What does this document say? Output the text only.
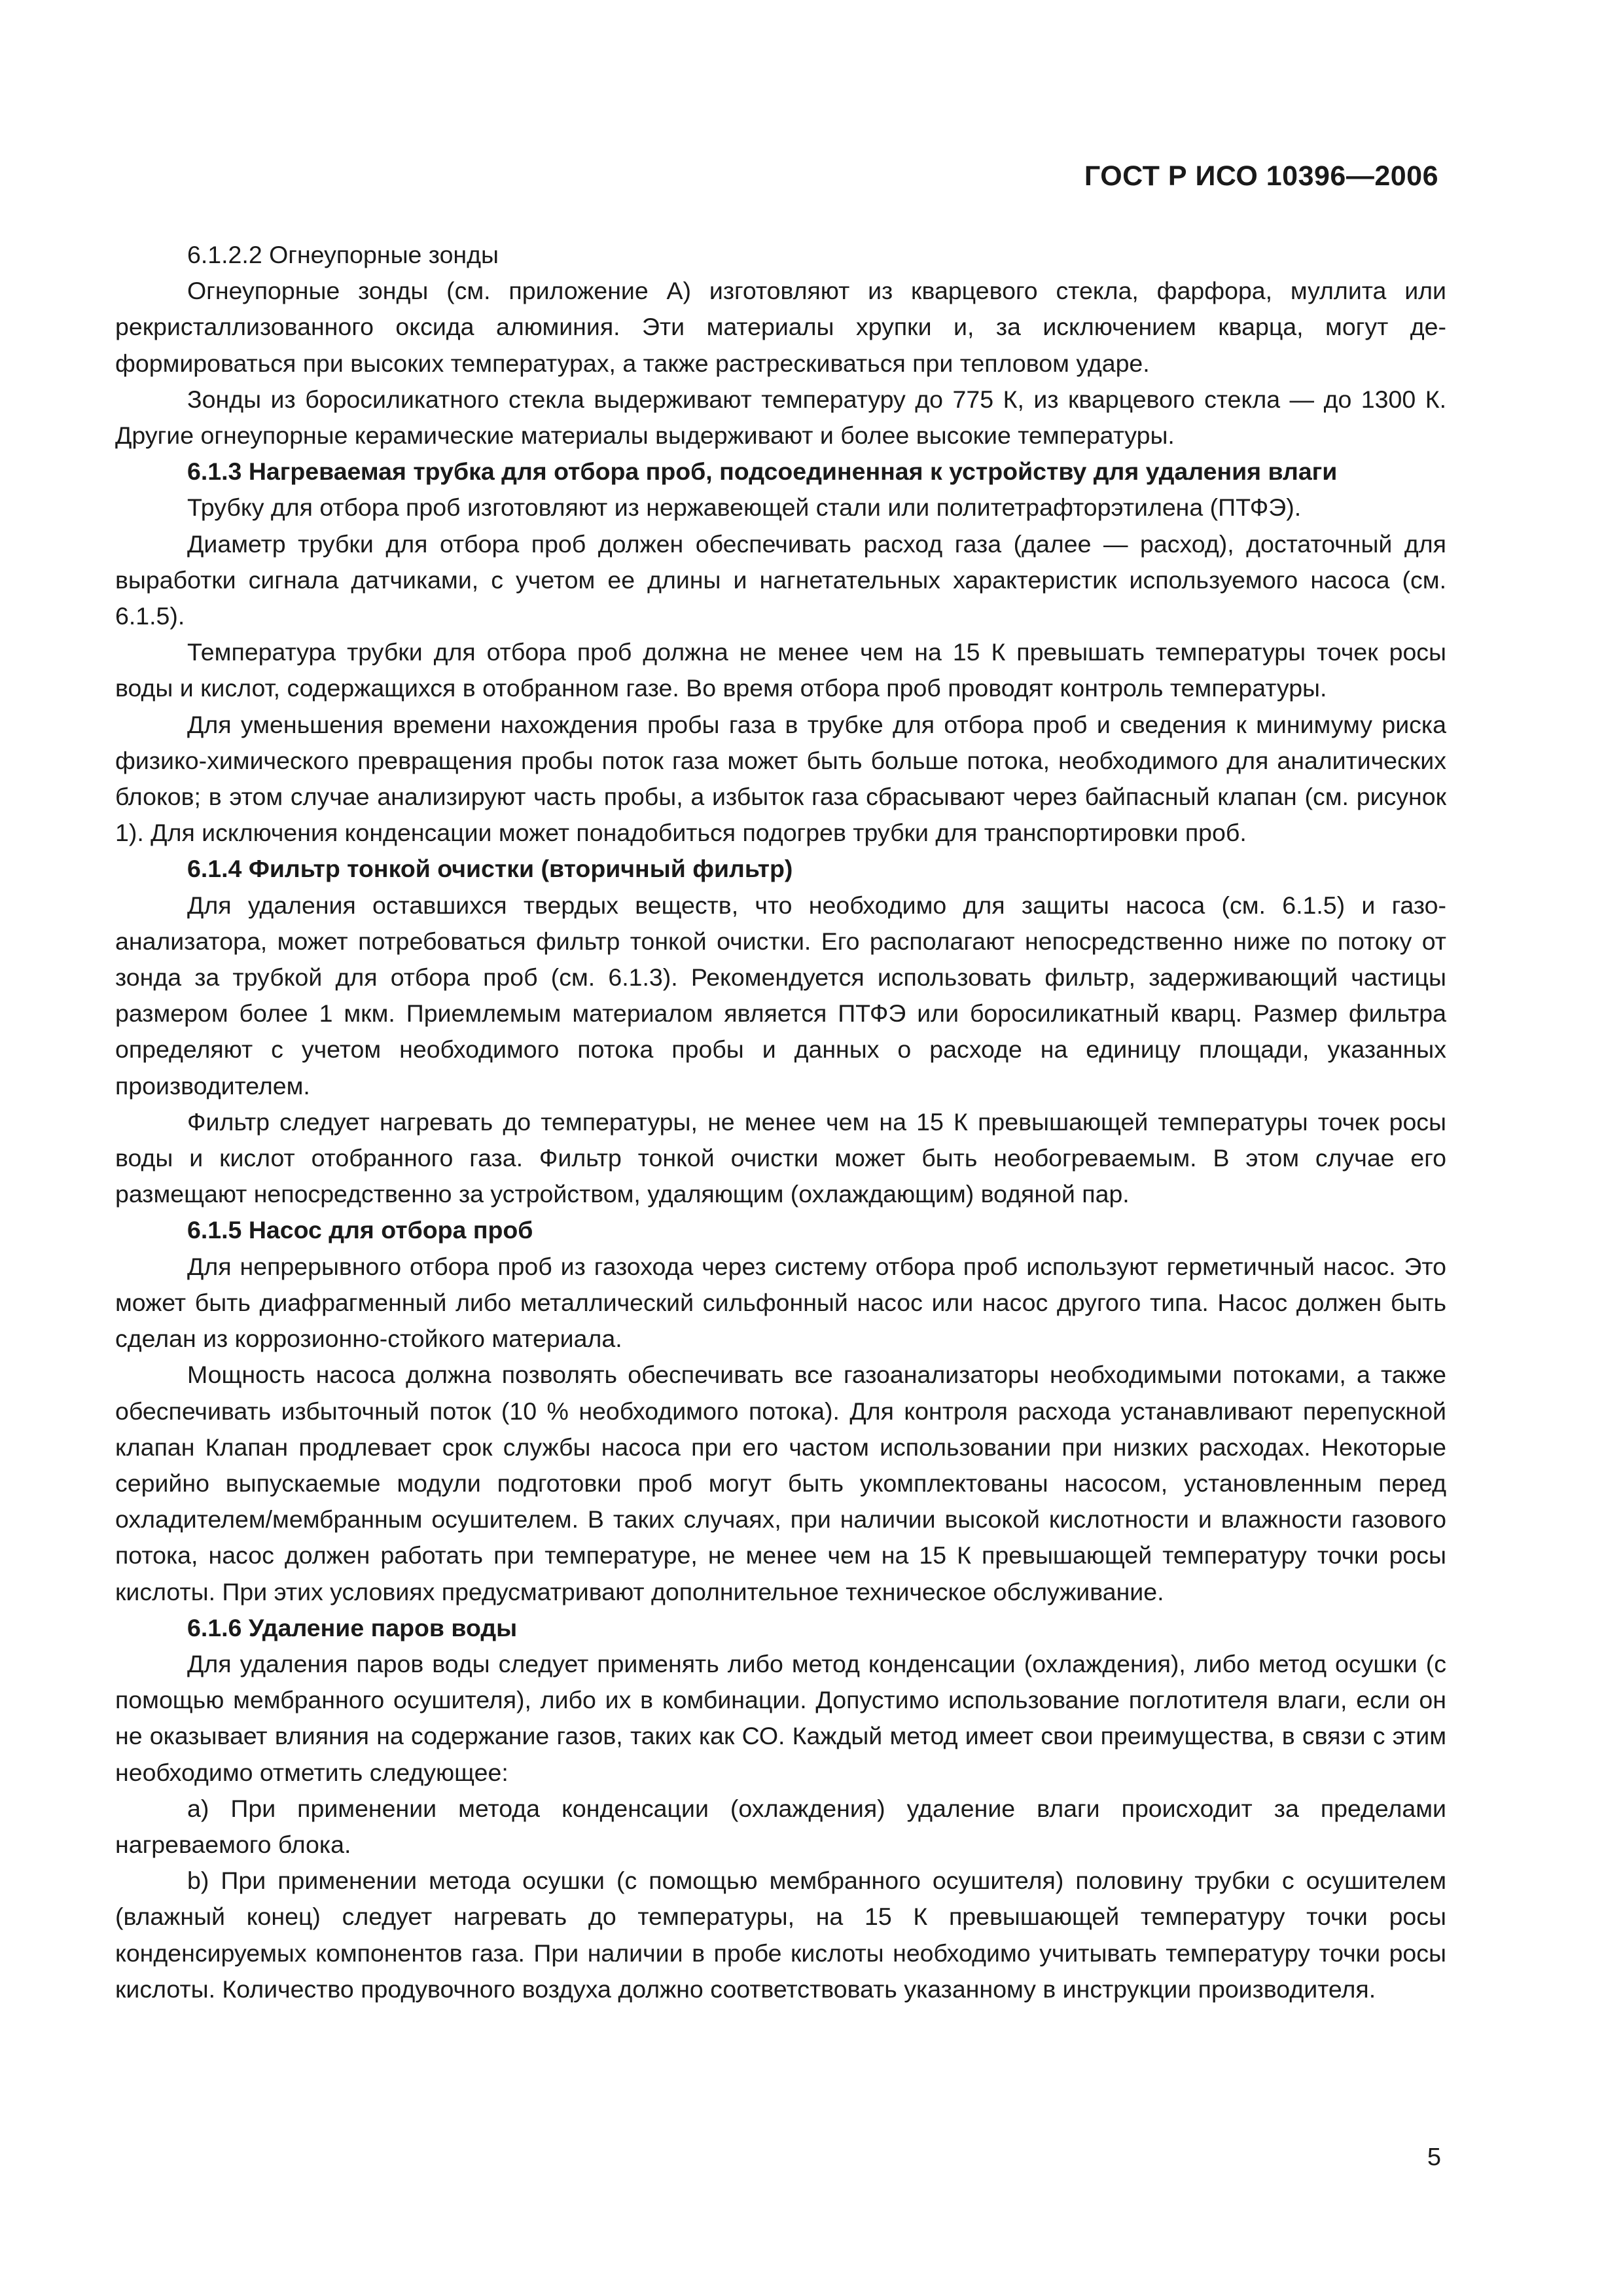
ГОСТ Р ИСО 10396—2006

6.1.2.2 Огнеупорные зонды

Огнеупорные зонды (см. приложение А) изготовляют из кварцевого стекла, фарфора, муллита или рекристаллизованного оксида алюминия. Эти материалы хрупки и, за исключением кварца, могут деформироваться при высоких температурах, а также растрескиваться при тепловом ударе.

Зонды из боросиликатного стекла выдерживают температуру до 775 К, из кварцевого стекла — до 1300 К. Другие огнеупорные керамические материалы выдерживают и более высокие температуры.

6.1.3 Нагреваемая трубка для отбора проб, подсоединенная к устройству для удаления влаги

Трубку для отбора проб изготовляют из нержавеющей стали или политетрафторэтилена (ПТФЭ).

Диаметр трубки для отбора проб должен обеспечивать расход газа (далее — расход), достаточный для выработки сигнала датчиками, с учетом ее длины и нагнетательных характеристик используемого насоса (см. 6.1.5).

Температура трубки для отбора проб должна не менее чем на 15 К превышать температуры точек росы воды и кислот, содержащихся в отобранном газе. Во время отбора проб проводят контроль температуры.

Для уменьшения времени нахождения пробы газа в трубке для отбора проб и сведения к минимуму риска физико-химического превращения пробы поток газа может быть больше потока, необходимого для аналитических блоков; в этом случае анализируют часть пробы, а избыток газа сбрасывают через байпасный клапан (см. рисунок 1). Для исключения конденсации может понадобиться подогрев трубки для транспортировки проб.

6.1.4 Фильтр тонкой очистки (вторичный фильтр)

Для удаления оставшихся твердых веществ, что необходимо для защиты насоса (см. 6.1.5) и газоанализатора, может потребоваться фильтр тонкой очистки. Его располагают непосредственно ниже по потоку от зонда за трубкой для отбора проб (см. 6.1.3). Рекомендуется использовать фильтр, задерживающий частицы размером более 1 мкм. Приемлемым материалом является ПТФЭ или боросиликатный кварц. Размер фильтра определяют с учетом необходимого потока пробы и данных о расходе на единицу площади, указанных производителем.

Фильтр следует нагревать до температуры, не менее чем на 15 К превышающей температуры точек росы воды и кислот отобранного газа. Фильтр тонкой очистки может быть необогреваемым. В этом случае его размещают непосредственно за устройством, удаляющим (охлаждающим) водяной пар.

6.1.5 Насос для отбора проб

Для непрерывного отбора проб из газохода через систему отбора проб используют герметичный насос. Это может быть диафрагменный либо металлический сильфонный насос или насос другого типа. Насос должен быть сделан из коррозионно-стойкого материала.

Мощность насоса должна позволять обеспечивать все газоанализаторы необходимыми потоками, а также обеспечивать избыточный поток (10 % необходимого потока). Для контроля расхода устанавливают перепускной клапан Клапан продлевает срок службы насоса при его частом использовании при низких расходах. Некоторые серийно выпускаемые модули подготовки проб могут быть укомплектованы насосом, установленным перед охладителем/мембранным осушителем. В таких случаях, при наличии высокой кислотности и влажности газового потока, насос должен работать при температуре, не менее чем на 15 К превышающей температуру точки росы кислоты. При этих условиях предусматривают дополнительное техническое обслуживание.

6.1.6 Удаление паров воды

Для удаления паров воды следует применять либо метод конденсации (охлаждения), либо метод осушки (с помощью мембранного осушителя), либо их в комбинации. Допустимо использование поглотителя влаги, если он не оказывает влияния на содержание газов, таких как СО. Каждый метод имеет свои преимущества, в связи с этим необходимо отметить следующее:

a) При применении метода конденсации (охлаждения) удаление влаги происходит за пределами нагреваемого блока.

b) При применении метода осушки (с помощью мембранного осушителя) половину трубки с осушителем (влажный конец) следует нагревать до температуры, на 15 К превышающей температуру точки росы конденсируемых компонентов газа. При наличии в пробе кислоты необходимо учитывать температуру точки росы кислоты. Количество продувочного воздуха должно соответствовать указанному в инструкции производителя.

5
